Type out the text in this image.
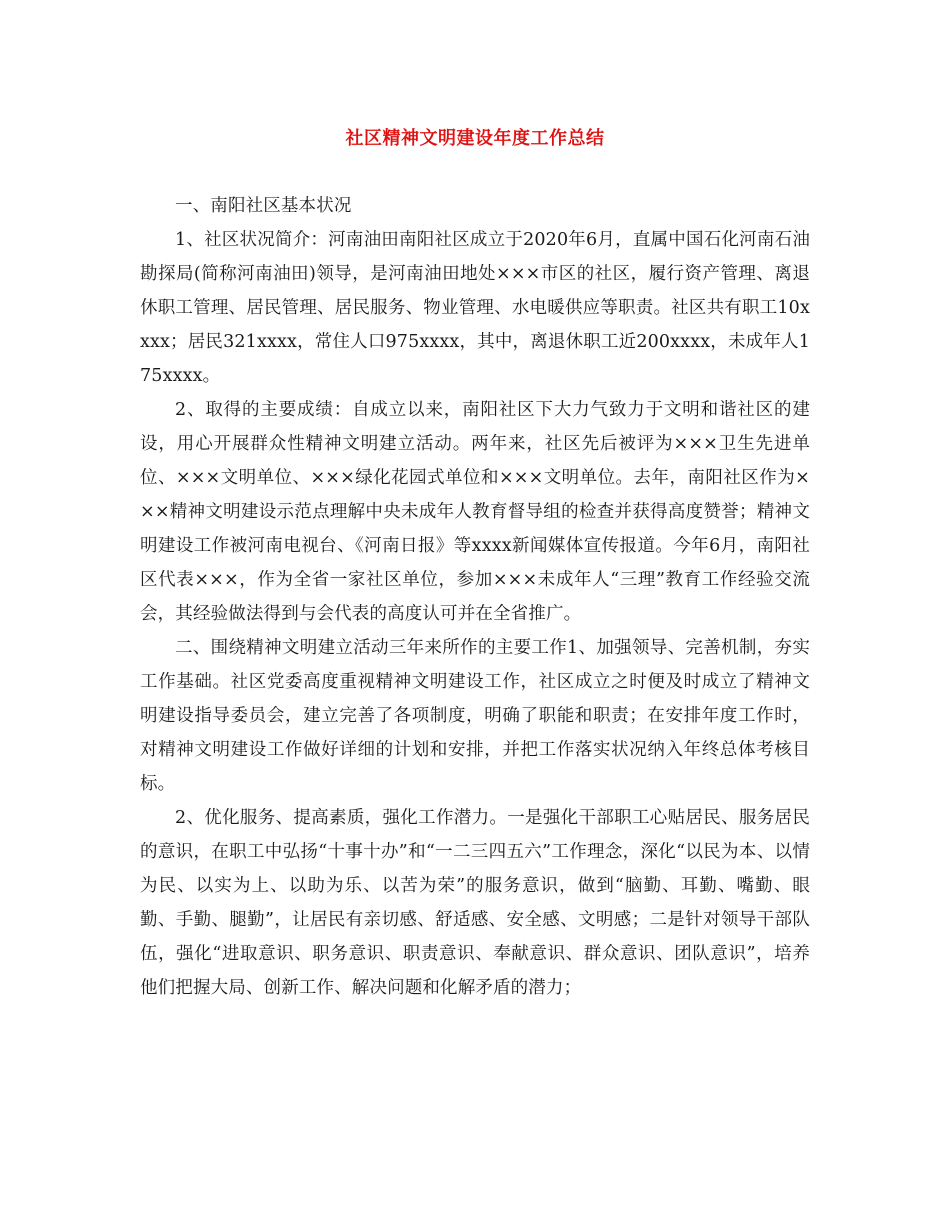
社区精神文明建设年度工作总结

一、南阳社区基本状况

1、社区状况简介：河南油田南阳社区成立于2020年6月，直属中国石化河南石油勘探局(简称河南油田)领导，是河南油田地处×××市区的社区，履行资产管理、离退休职工管理、居民管理、居民服务、物业管理、水电暖供应等职责。社区共有职工10xxxx；居民321xxxx，常住人口975xxxx，其中，离退休职工近200xxxx，未成年人175xxxx。

2、取得的主要成绩：自成立以来，南阳社区下大力气致力于文明和谐社区的建设，用心开展群众性精神文明建立活动。两年来，社区先后被评为×××卫生先进单位、×××文明单位、×××绿化花园式单位和×××文明单位。去年，南阳社区作为×××精神文明建设示范点理解中央未成年人教育督导组的检查并获得高度赞誉；精神文明建设工作被河南电视台、《河南日报》等xxxx新闻媒体宣传报道。今年6月，南阳社区代表×××，作为全省一家社区单位，参加×××未成年人“三理”教育工作经验交流会，其经验做法得到与会代表的高度认可并在全省推广。

二、围绕精神文明建立活动三年来所作的主要工作1、加强领导、完善机制，夯实工作基础。社区党委高度重视精神文明建设工作，社区成立之时便及时成立了精神文明建设指导委员会，建立完善了各项制度，明确了职能和职责；在安排年度工作时，对精神文明建设工作做好详细的计划和安排，并把工作落实状况纳入年终总体考核目标。

2、优化服务、提高素质，强化工作潜力。一是强化干部职工心贴居民、服务居民的意识，在职工中弘扬“十事十办”和“一二三四五六”工作理念，深化“以民为本、以情为民、以实为上、以助为乐、以苦为荣”的服务意识，做到“脑勤、耳勤、嘴勤、眼勤、手勤、腿勤”，让居民有亲切感、舒适感、安全感、文明感；二是针对领导干部队伍，强化“进取意识、职务意识、职责意识、奉献意识、群众意识、团队意识”，培养他们把握大局、创新工作、解决问题和化解矛盾的潜力；
